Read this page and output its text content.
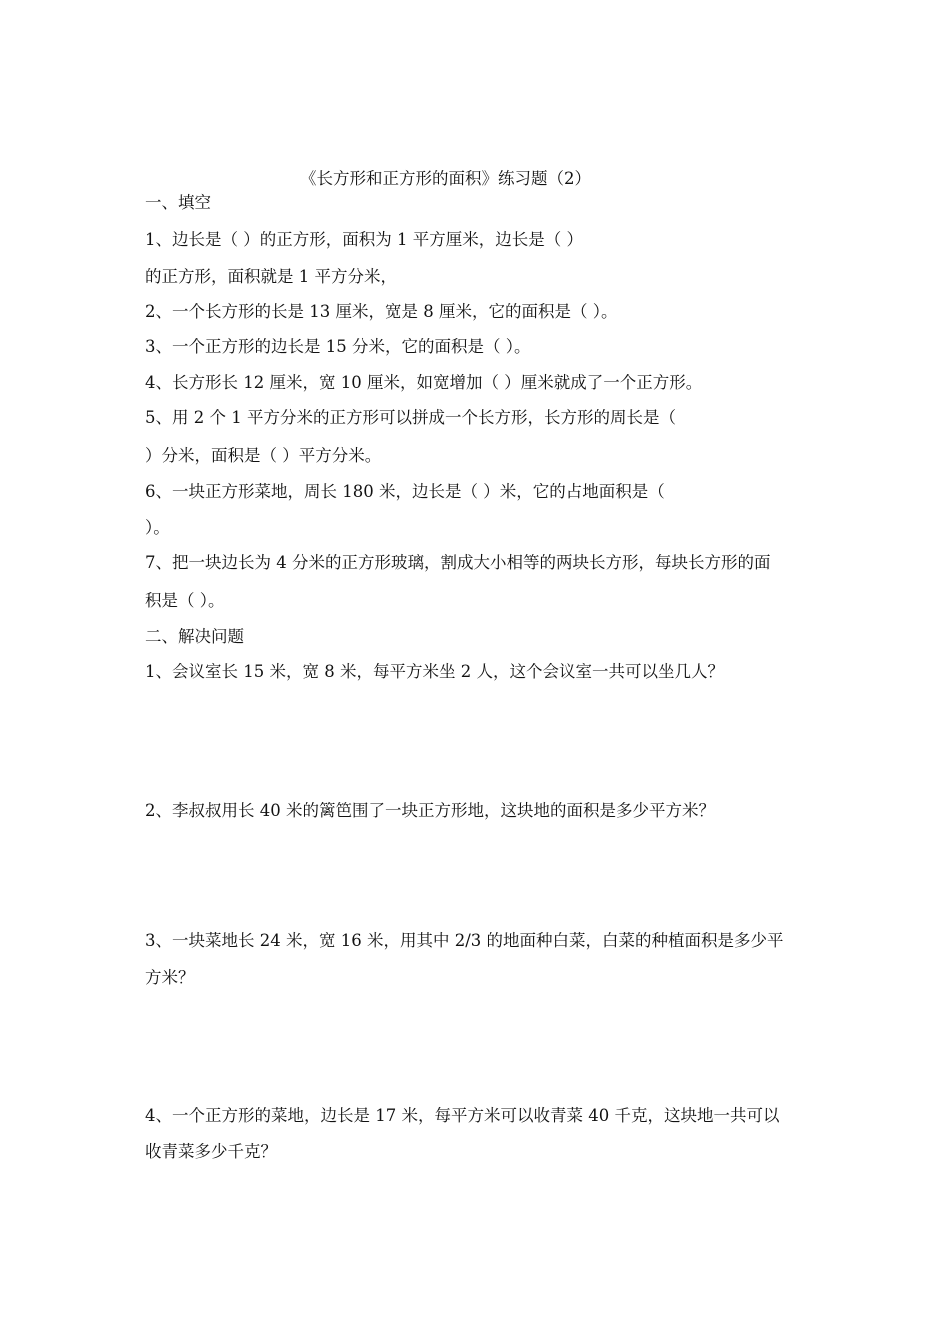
《长方形和正方形的面积》练习题（2）

一、填空

1、边长是（ ）的正方形，面积为 1 平方厘米，边长是（ ）

的正方形，面积就是 1 平方分米，

2、一个长方形的长是 13 厘米，宽是 8 厘米，它的面积是（ ）。

3、一个正方形的边长是 15 分米，它的面积是（ ）。

4、长方形长 12 厘米，宽 10 厘米，如宽增加（ ）厘米就成了一个正方形。

5、用 2 个 1 平方分米的正方形可以拼成一个长方形，长方形的周长是（

）分米，面积是（ ）平方分米。

6、一块正方形菜地，周长 180 米，边长是（ ）米，它的占地面积是（

）。

7、把一块边长为 4 分米的正方形玻璃，割成大小相等的两块长方形，每块长方形的面

积是（ ）。

二、解决问题

1、会议室长 15 米，宽 8 米，每平方米坐 2 人，这个会议室一共可以坐几人？

2、李叔叔用长 40 米的篱笆围了一块正方形地，这块地的面积是多少平方米？

3、一块菜地长 24 米，宽 16 米，用其中 2/3 的地面种白菜，白菜的种植面积是多少平

方米？

4、一个正方形的菜地，边长是 17 米，每平方米可以收青菜 40 千克，这块地一共可以

收青菜多少千克？
